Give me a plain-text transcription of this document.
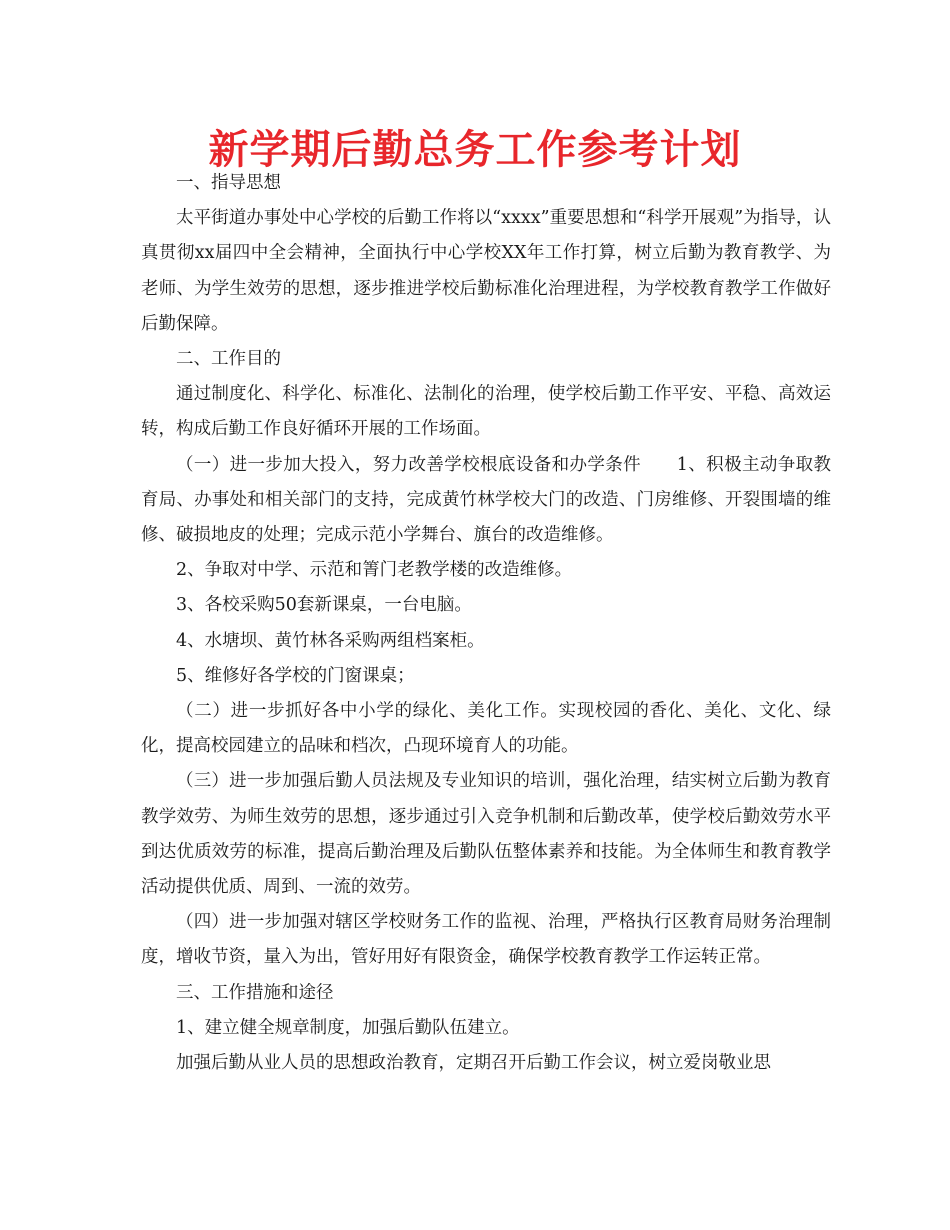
新学期后勤总务工作参考计划

一、指导思想

太平街道办事处中心学校的后勤工作将以“xxxx”重要思想和“科学开展观”为指导，认真贯彻xx届四中全会精神，全面执行中心学校XX年工作打算，树立后勤为教育教学、为老师、为学生效劳的思想，逐步推进学校后勤标准化治理进程，为学校教育教学工作做好后勤保障。

二、工作目的

通过制度化、科学化、标准化、法制化的治理，使学校后勤工作平安、平稳、高效运转，构成后勤工作良好循环开展的工作场面。

（一）进一步加大投入，努力改善学校根底设备和办学条件　　1、积极主动争取教育局、办事处和相关部门的支持，完成黄竹林学校大门的改造、门房维修、开裂围墙的维修、破损地皮的处理；完成示范小学舞台、旗台的改造维修。

2、争取对中学、示范和箐门老教学楼的改造维修。

3、各校采购50套新课桌，一台电脑。

4、水塘坝、黄竹林各采购两组档案柜。

5、维修好各学校的门窗课桌；

（二）进一步抓好各中小学的绿化、美化工作。实现校园的香化、美化、文化、绿化，提高校园建立的品味和档次，凸现环境育人的功能。

（三）进一步加强后勤人员法规及专业知识的培训，强化治理，结实树立后勤为教育教学效劳、为师生效劳的思想，逐步通过引入竞争机制和后勤改革，使学校后勤效劳水平到达优质效劳的标准，提高后勤治理及后勤队伍整体素养和技能。为全体师生和教育教学活动提供优质、周到、一流的效劳。

（四）进一步加强对辖区学校财务工作的监视、治理，严格执行区教育局财务治理制度，增收节资，量入为出，管好用好有限资金，确保学校教育教学工作运转正常。

三、工作措施和途径

1、建立健全规章制度，加强后勤队伍建立。

加强后勤从业人员的思想政治教育，定期召开后勤工作会议，树立爱岗敬业思
